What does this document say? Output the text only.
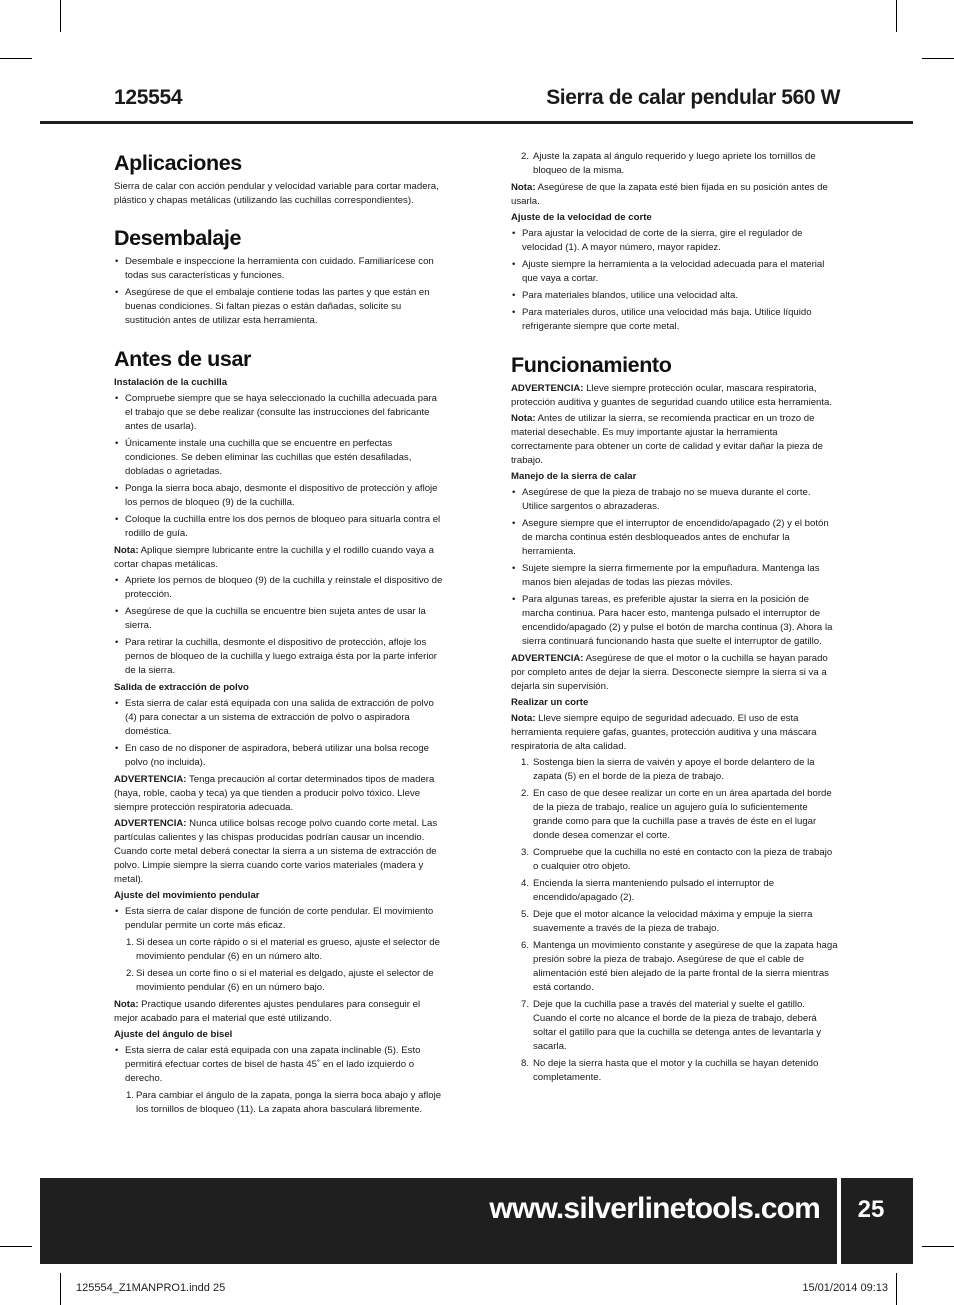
125554	Sierra de calar pendular 560 W
Aplicaciones

Sierra de calar con acción pendular y velocidad variable para cortar madera, plástico y chapas metálicas (utilizando las cuchillas correspondientes).

Desembalaje
• Desembale e inspeccione la herramienta con cuidado. Familiarícese con todas sus características y funciones.
• Asegúrese de que el embalaje contiene todas las partes y que están en buenas condiciones. Si faltan piezas o están dañadas, solicite su sustitución antes de utilizar esta herramienta.
Antes de usar
Instalación de la cuchilla
• Compruebe siempre que se haya seleccionado la cuchilla adecuada para el trabajo que se debe realizar (consulte las instrucciones del fabricante antes de usarla).
• Únicamente instale una cuchilla que se encuentre en perfectas condiciones. Se deben eliminar las cuchillas que estén desafiladas, dobladas o agrietadas.
• Ponga la sierra boca abajo, desmonte el dispositivo de protección y afloje los pernos de bloqueo (9) de la cuchilla.
• Coloque la cuchilla entre los dos pernos de bloqueo para situarla contra el rodillo de guía.

Nota: Aplique siempre lubricante entre la cuchilla y el rodillo cuando vaya a cortar chapas metálicas.

• Apriete los pernos de bloqueo (9) de la cuchilla y reinstale el dispositivo de protección.
• Asegúrese de que la cuchilla se encuentre bien sujeta antes de usar la sierra.
• Para retirar la cuchilla, desmonte el dispositivo de protección, afloje los pernos de bloqueo de la cuchilla y luego extraiga ésta por la parte inferior de la sierra.
Salida de extracción de polvo
• Esta sierra de calar está equipada con una salida de extracción de polvo (4) para conectar a un sistema de extracción de polvo o aspiradora doméstica.
• En caso de no disponer de aspiradora, beberá utilizar una bolsa recoge polvo (no incluida).

ADVERTENCIA: Tenga precaución al cortar determinados tipos de madera (haya, roble, caoba y teca) ya que tienden a producir polvo tóxico. Lleve siempre protección respiratoria adecuada.

ADVERTENCIA: Nunca utilice bolsas recoge polvo cuando corte metal. Las partículas calientes y las chispas producidas podrían causar un incendio. Cuando corte metal deberá conectar la sierra a un sistema de extracción de polvo. Limpie siempre la sierra cuando corte varios materiales (madera y metal).

Ajuste del movimiento pendular
• Esta sierra de calar dispone de función de corte pendular. El movimiento pendular permite un corte más eficaz.
1. Si desea un corte rápido o si el material es grueso, ajuste el selector de movimiento pendular (6) en un número alto.
2. Si desea un corte fino o si el material es delgado, ajuste el selector de movimiento pendular (6) en un número bajo.

Nota: Practique usando diferentes ajustes pendulares para conseguir el mejor acabado para el material que esté utilizando.

Ajuste del ángulo de bisel
• Esta sierra de calar está equipada con una zapata inclinable (5). Esto permitirá efectuar cortes de bisel de hasta 45˚ en el lado izquierdo o derecho.
1. Para cambiar el ángulo de la zapata, ponga la sierra boca abajo y afloje los tornillos de bloqueo (11). La zapata ahora basculará libremente.
2. Ajuste la zapata al ángulo requerido y luego apriete los tornillos de bloqueo de la misma.

Nota: Asegúrese de que la zapata esté bien fijada en su posición antes de usarla.

Ajuste de la velocidad de corte
• Para ajustar la velocidad de corte de la sierra, gire el regulador de velocidad (1). A mayor número, mayor rapidez.
• Ajuste siempre la herramienta a la velocidad adecuada para el material que vaya a cortar.
• Para materiales blandos, utilice una velocidad alta.
• Para materiales duros, utilice una velocidad más baja. Utilice líquido refrigerante siempre que corte metal.
Funcionamiento

ADVERTENCIA: Lleve siempre protección ocular, mascara respiratoria, protección auditiva y guantes de seguridad cuando utilice esta herramienta.

Nota: Antes de utilizar la sierra, se recomienda practicar en un trozo de material desechable. Es muy importante ajustar la herramienta correctamente para obtener un corte de calidad y evitar dañar la pieza de trabajo.

Manejo de la sierra de calar
• Asegúrese de que la pieza de trabajo no se mueva durante el corte. Utilice sargentos o abrazaderas.
• Asegure siempre que el interruptor de encendido/apagado (2) y el botón de marcha continua estén desbloqueados antes de enchufar la herramienta.
• Sujete siempre la sierra firmemente por la empuñadura. Mantenga las manos bien alejadas de todas las piezas móviles.
• Para algunas tareas, es preferible ajustar la sierra en la posición de marcha continua. Para hacer esto, mantenga pulsado el interruptor de encendido/apagado (2) y pulse el botón de marcha continua (3). Ahora la sierra continuará funcionando hasta que suelte el interruptor de gatillo.

ADVERTENCIA: Asegúrese de que el motor o la cuchilla se hayan parado por completo antes de dejar la sierra. Desconecte siempre la sierra si va a dejarla sin supervisión.

Realizar un corte

Nota: Lleve siempre equipo de seguridad adecuado. El uso de esta herramienta requiere gafas, guantes, protección auditiva y una máscara respiratoria de alta calidad.

1. Sostenga bien la sierra de vaivén y apoye el borde delantero de la zapata (5) en el borde de la pieza de trabajo.
2. En caso de que desee realizar un corte en un área apartada del borde de la pieza de trabajo, realice un agujero guía lo suficientemente grande como para que la cuchilla pase a través de éste en el lugar donde desea comenzar el corte.
3. Compruebe que la cuchilla no esté en contacto con la pieza de trabajo o cualquier otro objeto.
4. Encienda la sierra manteniendo pulsado el interruptor de encendido/apagado (2).
5. Deje que el motor alcance la velocidad máxima y empuje la sierra suavemente a través de la pieza de trabajo.
6. Mantenga un movimiento constante y asegúrese de que la zapata haga presión sobre la pieza de trabajo. Asegúrese de que el cable de alimentación esté bien alejado de la parte frontal de la sierra mientras está cortando.
7. Deje que la cuchilla pase a través del material y suelte el gatillo. Cuando el corte no alcance el borde de la pieza de trabajo, deberá soltar el gatillo para que la cuchilla se detenga antes de levantarla y sacarla.
8. No deje la sierra hasta que el motor y la cuchilla se hayan detenido completamente.
www.silverlinetools.com	25
125554_Z1MANPRO1.indd 25	15/01/2014 09:13
